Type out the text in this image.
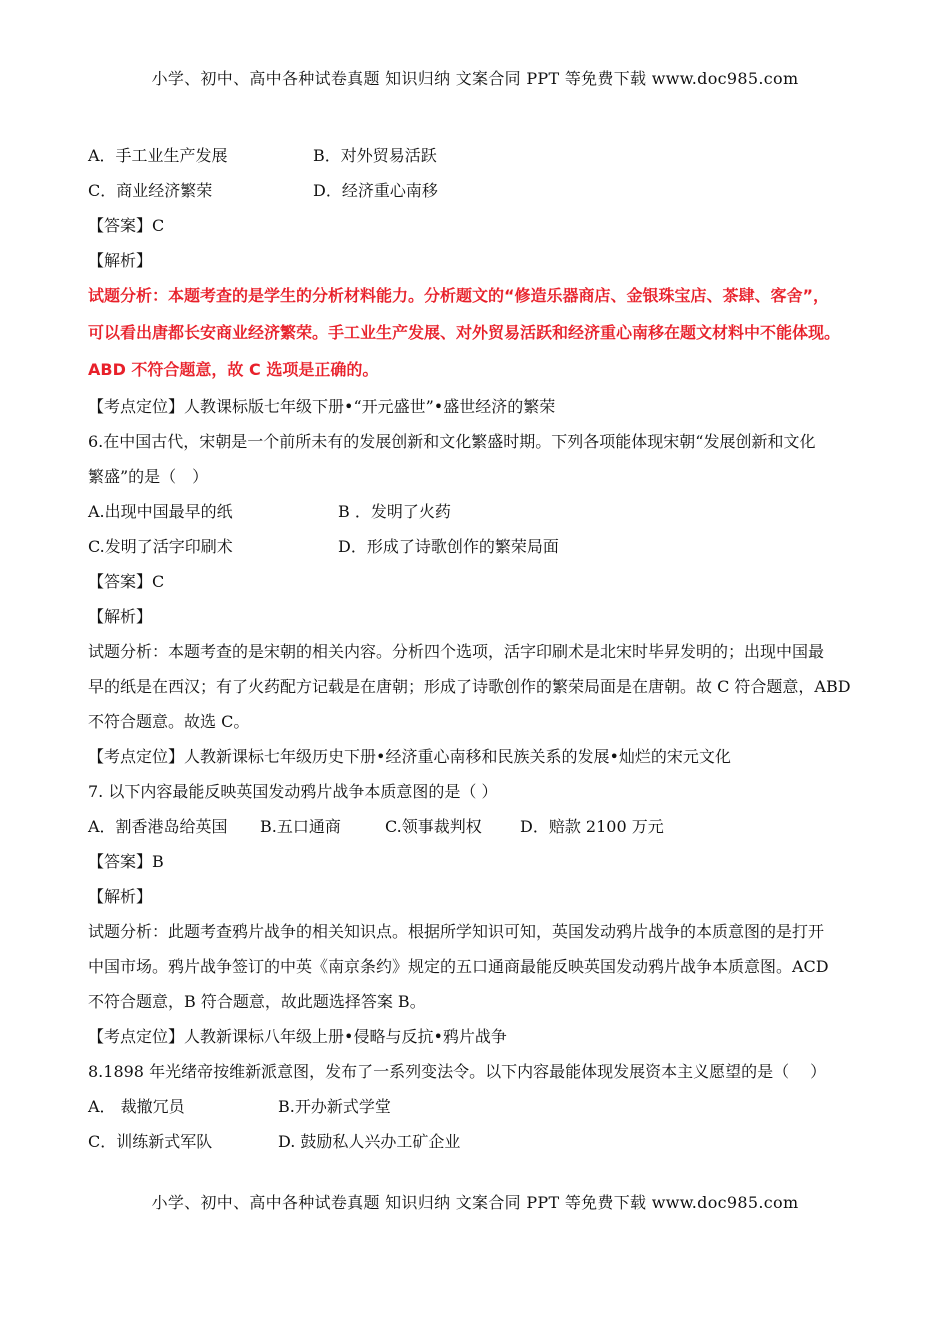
小学、初中、高中各种试卷真题 知识归纳 文案合同 PPT 等免费下载 www.doc985.com
A．手工业生产发展	B．对外贸易活跃
C．商业经济繁荣	D．经济重心南移
【答案】C
【解析】
试题分析：本题考查的是学生的分析材料能力。分析题文的“修造乐器商店、金银珠宝店、茶肆、客舍”，
可以看出唐都长安商业经济繁荣。手工业生产发展、对外贸易活跃和经济重心南移在题文材料中不能体现。
ABD 不符合题意，故 C 选项是正确的。
【考点定位】人教课标版七年级下册•“开元盛世”•盛世经济的繁荣
6.在中国古代，宋朝是一个前所未有的发展创新和文化繁盛时期。下列各项能体现宋朝“发展创新和文化
繁盛”的是（　）
A.出现中国最早的纸	B ．发明了火药
C.发明了活字印刷术	D．形成了诗歌创作的繁荣局面
【答案】C
【解析】
试题分析：本题考查的是宋朝的相关内容。分析四个选项，活字印刷术是北宋时毕昇发明的；出现中国最
早的纸是在西汉；有了火药配方记载是在唐朝；形成了诗歌创作的繁荣局面是在唐朝。故 C 符合题意，ABD
不符合题意。故选 C。
【考点定位】人教新课标七年级历史下册•经济重心南移和民族关系的发展•灿烂的宋元文化
7. 以下内容最能反映英国发动鸦片战争本质意图的是（ ）
A．割香港岛给英国 B.五口通商	C.领事裁判权 D．赔款 2100 万元
【答案】B
【解析】
试题分析：此题考查鸦片战争的相关知识点。根据所学知识可知，英国发动鸦片战争的本质意图的是打开
中国市场。鸦片战争签订的中英《南京条约》规定的五口通商最能反映英国发动鸦片战争本质意图。ACD
不符合题意，B 符合题意，故此题选择答案 B。
【考点定位】人教新课标八年级上册•侵略与反抗•鸦片战争
8.1898 年光绪帝按维新派意图，发布了一系列变法令。以下内容最能体现发展资本主义愿望的是（　 ）
A． 裁撤冗员	B.开办新式学堂
C．训练新式军队	D. 鼓励私人兴办工矿企业
小学、初中、高中各种试卷真题 知识归纳 文案合同 PPT 等免费下载 www.doc985.com
